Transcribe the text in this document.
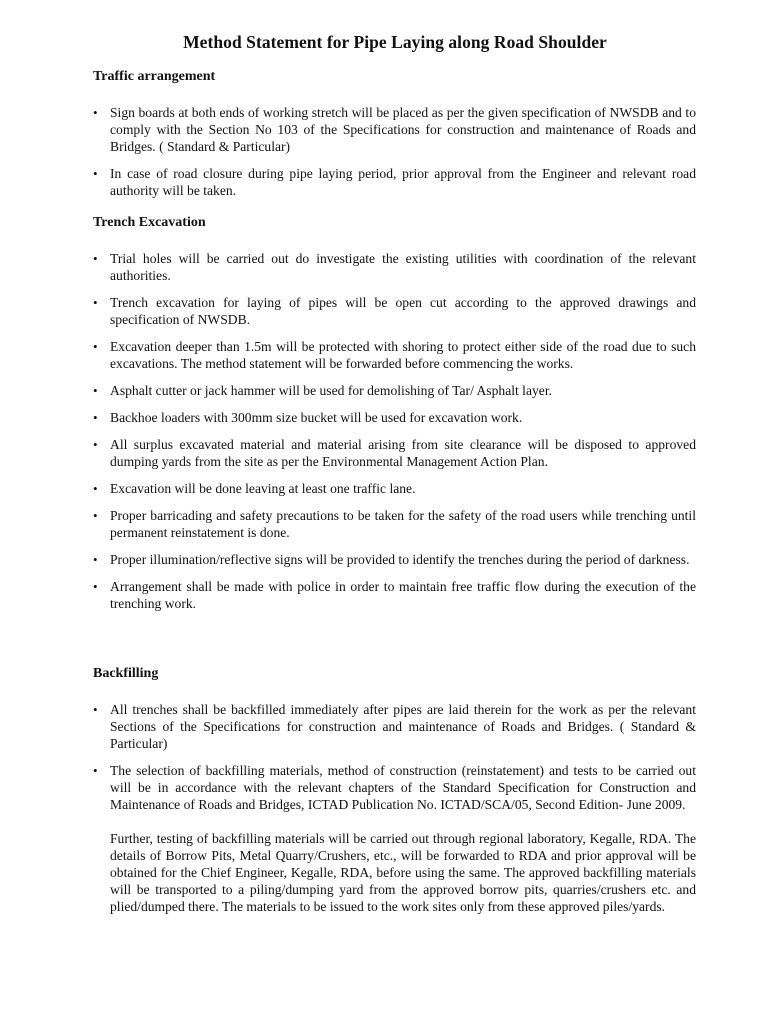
Method Statement for Pipe Laying along Road Shoulder
Traffic arrangement
• Sign boards at both ends of working stretch will be placed as per the given specification of NWSDB and to comply with the Section No 103 of the Specifications for construction and maintenance of Roads and Bridges. ( Standard & Particular)

• In case of road closure during pipe laying period, prior approval from the Engineer and relevant road authority will be taken.

Trench Excavation
• Trial holes will be carried out do investigate the existing utilities with coordination of the relevant authorities.

• Trench excavation for laying of pipes will be open cut according to the approved drawings and specification of NWSDB.

• Excavation deeper than 1.5m will be protected with shoring to protect either side of the road due to such excavations. The method statement will be forwarded before commencing the works.

• Asphalt cutter or jack hammer will be used for demolishing of Tar/ Asphalt layer.

• Backhoe loaders with 300mm size bucket will be used for excavation work.

• All surplus excavated material and material arising from site clearance will be disposed to approved dumping yards from the site as per the Environmental Management Action Plan.

• Excavation will be done leaving at least one traffic lane.

• Proper barricading and safety precautions to be taken for the safety of the road users while trenching until permanent reinstatement is done.

• Proper illumination/reflective signs will be provided to identify the trenches during the period of darkness.

• Arrangement shall be made with police in order to maintain free traffic flow during the execution of the trenching work.

Backfilling
• All trenches shall be backfilled immediately after pipes are laid therein for the work as per the relevant Sections of the Specifications for construction and maintenance of Roads and Bridges. ( Standard & Particular)

• The selection of backfilling materials, method of construction (reinstatement) and tests to be carried out will be in accordance with the relevant chapters of the Standard Specification for Construction and Maintenance of Roads and Bridges, ICTAD Publication No. ICTAD/SCA/05, Second Edition- June 2009.

Further, testing of backfilling materials will be carried out through regional laboratory, Kegalle, RDA. The details of Borrow Pits, Metal Quarry/Crushers, etc., will be forwarded to RDA and prior approval will be obtained for the Chief Engineer, Kegalle, RDA, before using the same. The approved backfilling materials will be transported to a piling/dumping yard from the approved borrow pits, quarries/crushers etc. and plied/dumped there. The materials to be issued to the work sites only from these approved piles/yards.
